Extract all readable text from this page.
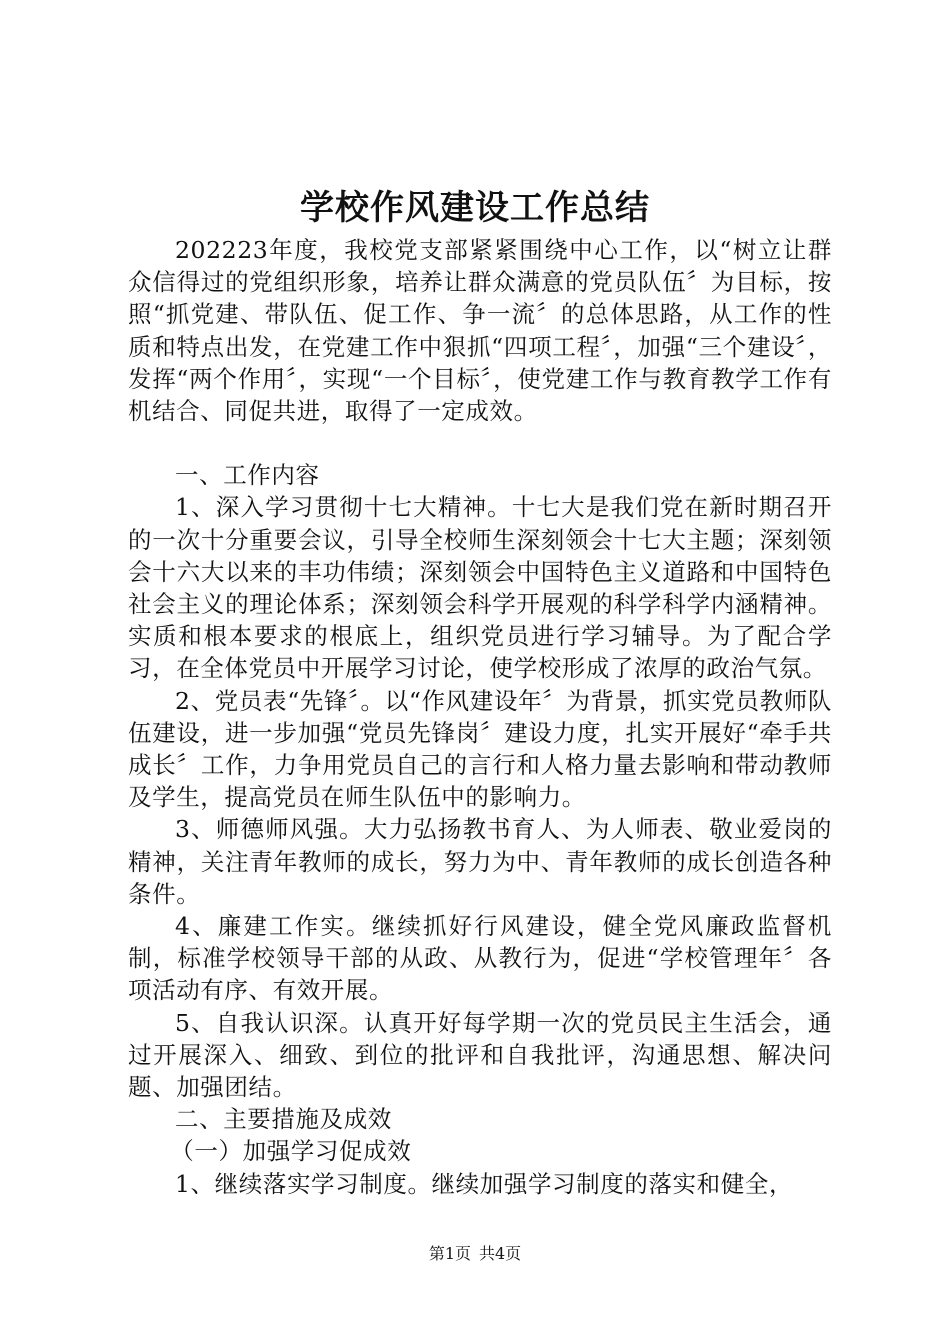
学校作风建设工作总结

202223年度，我校党支部紧紧围绕中心工作，以“树立让群众信得过的党组织形象，培养让群众满意的党员队伍〞为目标，按照“抓党建、带队伍、促工作、争一流〞的总体思路，从工作的性质和特点出发，在党建工作中狠抓“四项工程〞，加强“三个建设〞，发挥“两个作用〞，实现“一个目标〞，使党建工作与教育教学工作有机结合、同促共进，取得了一定成效。

一、工作内容

1、深入学习贯彻十七大精神。十七大是我们党在新时期召开的一次十分重要会议，引导全校师生深刻领会十七大主题；深刻领会十六大以来的丰功伟绩；深刻领会中国特色主义道路和中国特色社会主义的理论体系；深刻领会科学开展观的科学科学内涵精神。实质和根本要求的根底上，组织党员进行学习辅导。为了配合学习，在全体党员中开展学习讨论，使学校形成了浓厚的政治气氛。

2、党员表“先锋〞。以“作风建设年〞为背景，抓实党员教师队伍建设，进一步加强“党员先锋岗〞建设力度，扎实开展好“牵手共成长〞工作，力争用党员自己的言行和人格力量去影响和带动教师及学生，提高党员在师生队伍中的影响力。

3、师德师风强。大力弘扬教书育人、为人师表、敬业爱岗的精神，关注青年教师的成长，努力为中、青年教师的成长创造各种条件。

4、廉建工作实。继续抓好行风建设，健全党风廉政监督机制，标准学校领导干部的从政、从教行为，促进“学校管理年〞各项活动有序、有效开展。

5、自我认识深。认真开好每学期一次的党员民主生活会，通过开展深入、细致、到位的批评和自我批评，沟通思想、解决问题、加强团结。

二、主要措施及成效

（一）加强学习促成效

1、继续落实学习制度。继续加强学习制度的落实和健全，

第1页 共4页
